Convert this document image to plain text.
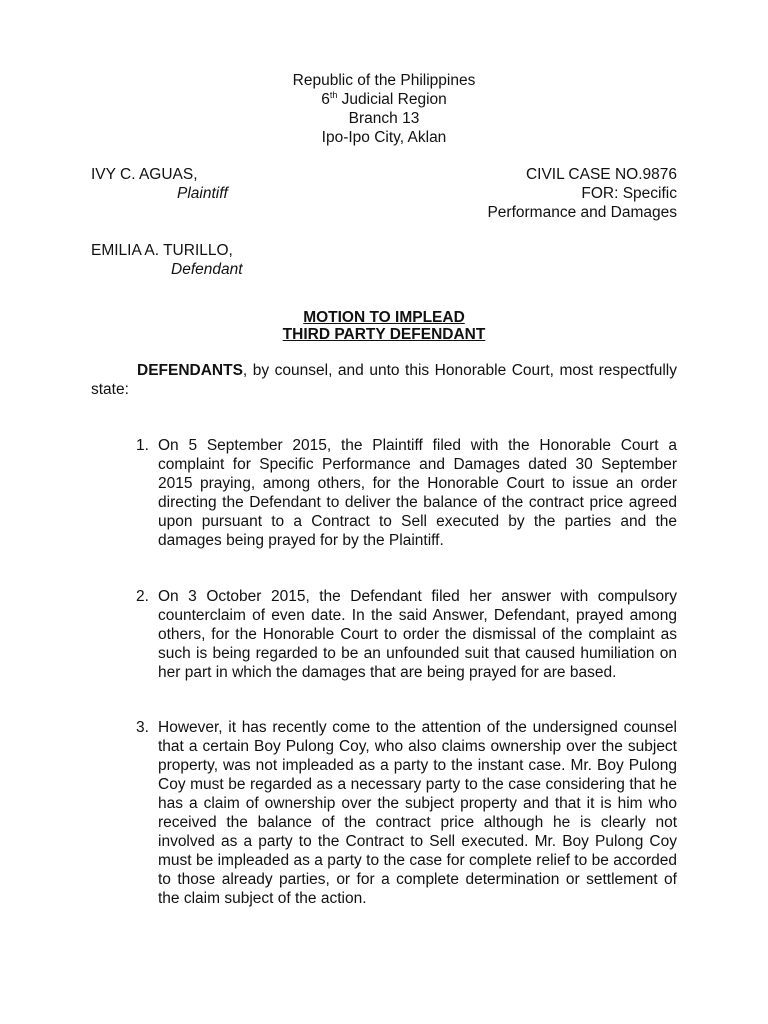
Republic of the Philippines
6th Judicial Region
Branch 13
Ipo-Ipo City, Aklan
IVY C. AGUAS,
Plaintiff
CIVIL CASE NO.9876
FOR: Specific
Performance and Damages
EMILIA A. TURILLO,
Defendant
MOTION TO IMPLEAD
THIRD PARTY DEFENDANT
DEFENDANTS, by counsel, and unto this Honorable Court, most respectfully state:
1. On 5 September 2015, the Plaintiff filed with the Honorable Court a complaint for Specific Performance and Damages dated 30 September 2015 praying, among others, for the Honorable Court to issue an order directing the Defendant to deliver the balance of the contract price agreed upon pursuant to a Contract to Sell executed by the parties and the damages being prayed for by the Plaintiff.
2. On 3 October 2015, the Defendant filed her answer with compulsory counterclaim of even date. In the said Answer, Defendant, prayed among others, for the Honorable Court to order the dismissal of the complaint as such is being regarded to be an unfounded suit that caused humiliation on her part in which the damages that are being prayed for are based.
3. However, it has recently come to the attention of the undersigned counsel that a certain Boy Pulong Coy, who also claims ownership over the subject property, was not impleaded as a party to the instant case. Mr. Boy Pulong Coy must be regarded as a necessary party to the case considering that he has a claim of ownership over the subject property and that it is him who received the balance of the contract price although he is clearly not involved as a party to the Contract to Sell executed. Mr. Boy Pulong Coy must be impleaded as a party to the case for complete relief to be accorded to those already parties, or for a complete determination or settlement of the claim subject of the action.
